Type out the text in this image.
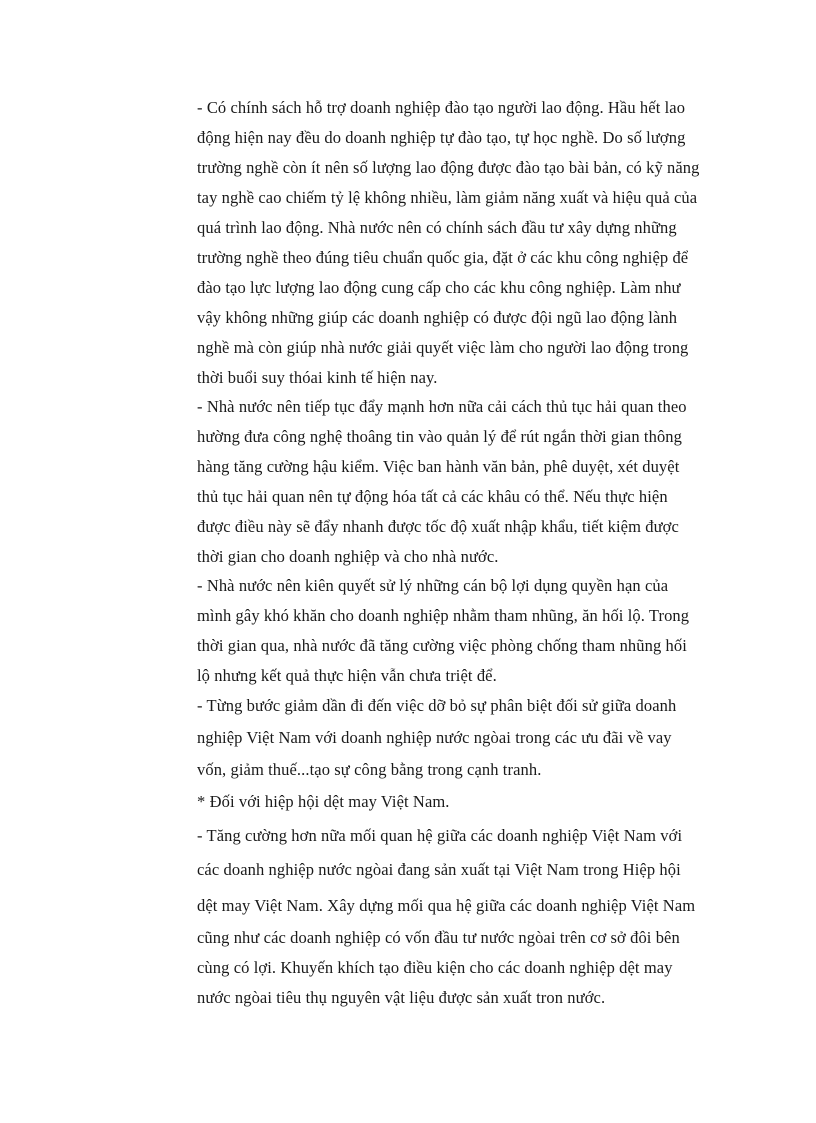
- Có chính sách hỗ trợ doanh nghiệp đào tạo người lao động. Hầu hết lao
động hiện nay đều do doanh nghiệp tự đào tạo, tự học nghề. Do số lượng
trường nghề còn ít nên số lượng lao động được đào tạo bài bản, có kỹ năng
tay nghề cao chiếm tỷ lệ không nhiều, làm giảm năng xuất và hiệu quả của
quá trình lao động. Nhà nước nên có chính sách đầu tư xây dựng những
trường nghề theo đúng tiêu chuẩn quốc gia, đặt ở các khu công nghiệp để
đào tạo lực lượng lao động cung cấp cho các khu công nghiệp. Làm như
vậy không những giúp các doanh nghiệp có được đội ngũ lao động lành
nghề mà còn giúp nhà nước giải quyết việc làm cho người lao động trong
thời buổi suy thóai kinh tế hiện nay.
- Nhà nước nên tiếp tục đẩy mạnh hơn nữa cải cách thủ tục hải quan theo
hường đưa công nghệ thoâng tin vào quản lý để rút ngắn thời gian thông
hàng tăng cường hậu kiểm. Việc ban hành văn bản, phê duyệt, xét duyệt
thủ tục hải quan nên tự động hóa tất cả các khâu có thể. Nếu thực hiện
được điều này sẽ đẩy nhanh được tốc độ xuất nhập khẩu, tiết kiệm được
thời gian cho doanh nghiệp và cho nhà nước.
- Nhà nước nên kiên quyết sử lý những cán bộ lợi dụng quyền hạn của
mình gây khó khăn cho doanh nghiệp nhằm tham nhũng, ăn hối lộ. Trong
thời gian qua, nhà nước đã tăng cường việc phòng chống tham nhũng hối
lộ nhưng kết quả thực hiện vẫn chưa triệt để.
- Từng bước giảm dần đi đến việc dỡ bỏ sự phân biệt đối sử giữa doanh
nghiệp Việt Nam với doanh nghiệp nước ngòai trong các ưu đãi về vay
vốn, giảm thuế...tạo sự công bằng trong cạnh tranh.
* Đối với hiệp hội dệt may Việt Nam.
- Tăng cường hơn nữa mối quan hệ giữa các doanh nghiệp Việt Nam với
các doanh nghiệp nước ngòai đang sản xuất tại Việt Nam trong Hiệp hội
dệt may Việt Nam. Xây dựng mối qua hệ giữa các doanh nghiệp Việt Nam
cũng như các doanh nghiệp có vốn đầu tư nước ngòai trên cơ sở đôi bên
cùng có lợi. Khuyến khích tạo điều kiện cho các doanh nghiệp dệt may
nước ngòai tiêu thụ nguyên vật liệu được sản xuất tron nước.
